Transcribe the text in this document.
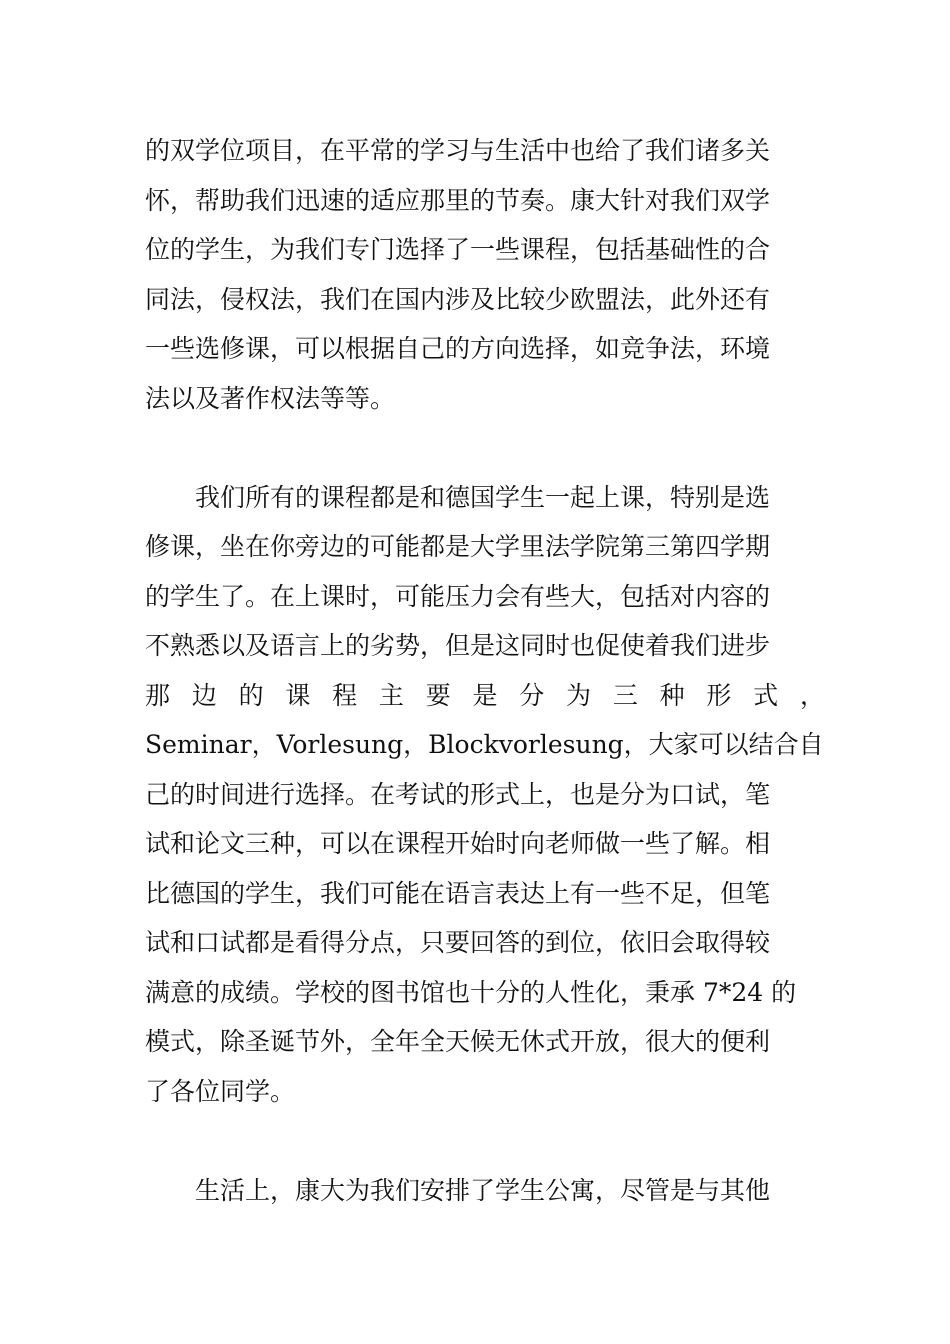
的双学位项目，在平常的学习与生活中也给了我们诸多关
怀，帮助我们迅速的适应那里的节奏。康大针对我们双学
位的学生，为我们专门选择了一些课程，包括基础性的合
同法，侵权法，我们在国内涉及比较少欧盟法，此外还有
一些选修课，可以根据自己的方向选择，如竞争法，环境
法以及著作权法等等。
　　我们所有的课程都是和德国学生一起上课，特别是选
修课，坐在你旁边的可能都是大学里法学院第三第四学期
的学生了。在上课时，可能压力会有些大，包括对内容的
不熟悉以及语言上的劣势，但是这同时也促使着我们进步
那 边 的 课 程 主 要 是 分 为 三 种 形 式 ，
Seminar，Vorlesung，Blockvorlesung，大家可以结合自
己的时间进行选择。在考试的形式上，也是分为口试，笔
试和论文三种，可以在课程开始时向老师做一些了解。相
比德国的学生，我们可能在语言表达上有一些不足，但笔
试和口试都是看得分点，只要回答的到位，依旧会取得较
满意的成绩。学校的图书馆也十分的人性化，秉承 7*24 的
模式，除圣诞节外，全年全天候无休式开放，很大的便利
了各位同学。
　　生活上，康大为我们安排了学生公寓，尽管是与其他
